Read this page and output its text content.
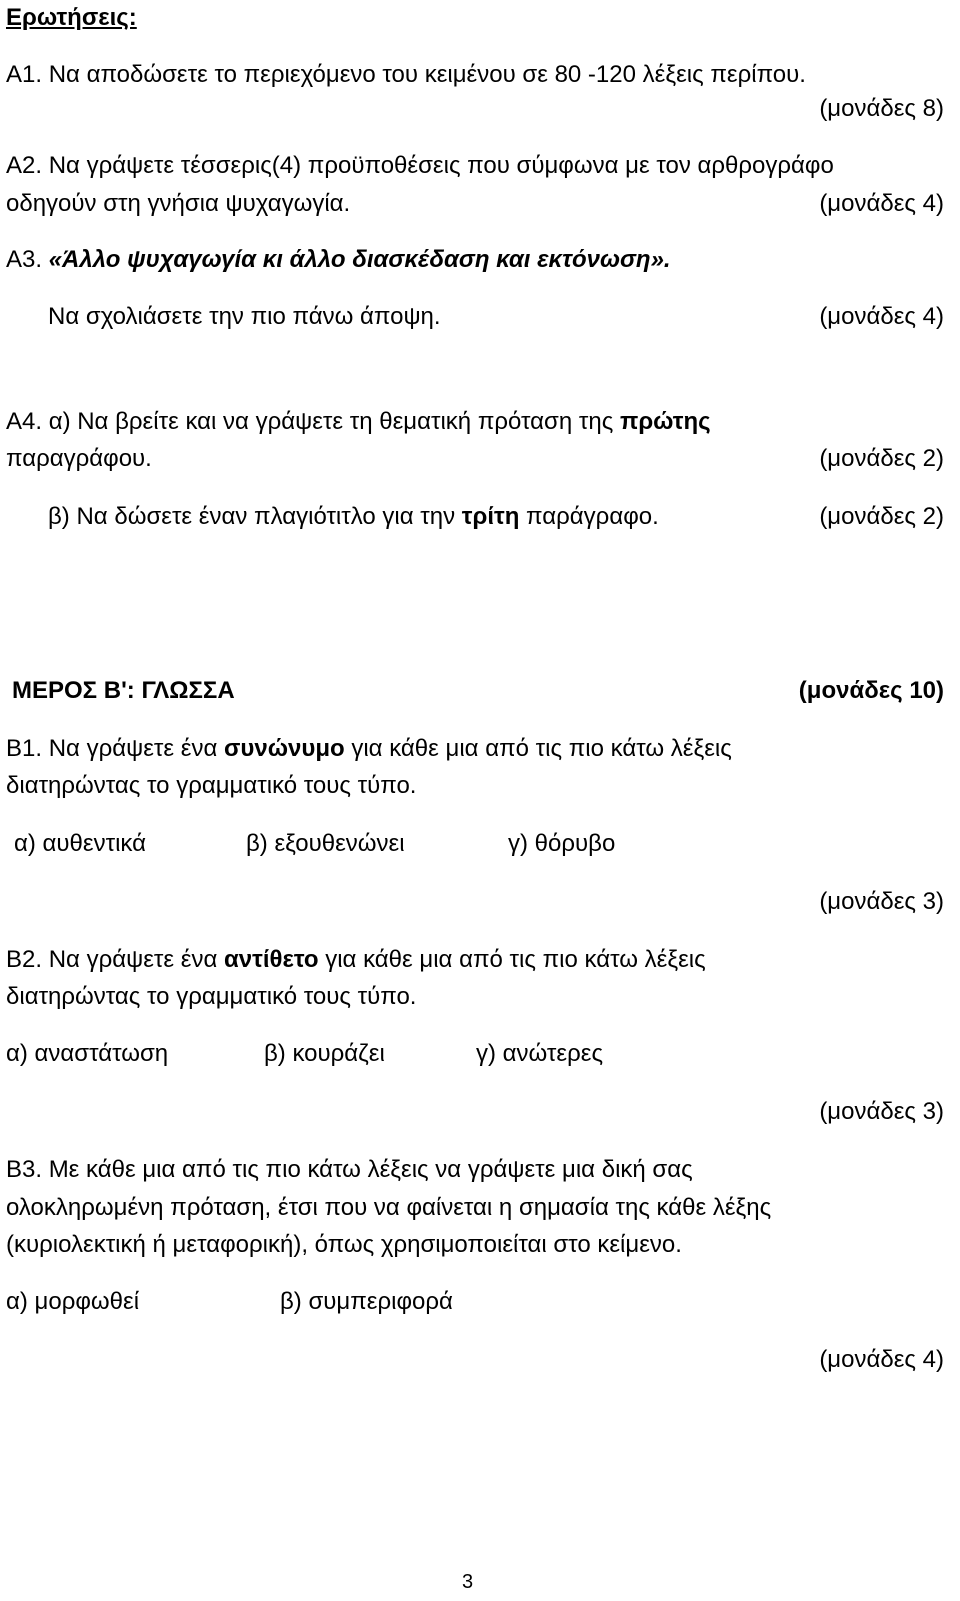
Ερωτήσεις:

Α1. Να αποδώσετε το περιεχόμενο του κειμένου σε 80 -120 λέξεις περίπου.

(μονάδες 8)

Α2. Να γράψετε τέσσερις(4) προϋποθέσεις που σύμφωνα με τον αρθρογράφο

οδηγούν στη γνήσια ψυχαγωγία.	(μονάδες 4)

Α3. «Άλλο ψυχαγωγία κι άλλο διασκέδαση και εκτόνωση».

Να σχολιάσετε την πιο πάνω άποψη.	(μονάδες 4)

Α4. α) Να βρείτε και να γράψετε τη θεματική πρόταση της πρώτης

παραγράφου.	(μονάδες 2)

β) Να δώσετε έναν πλαγιότιτλο για την τρίτη παράγραφο.	(μονάδες 2)

ΜΕΡΟΣ Β': ΓΛΩΣΣΑ	(μονάδες 10)

Β1. Να γράψετε ένα συνώνυμο για κάθε μια από τις πιο κάτω λέξεις

διατηρώντας το γραμματικό τους τύπο.

α) αυθεντικά	β) εξουθενώνει	γ) θόρυβο

(μονάδες 3)

Β2. Να γράψετε ένα αντίθετο για κάθε μια από τις πιο κάτω λέξεις

διατηρώντας το γραμματικό τους τύπο.

α) αναστάτωση	β) κουράζει	γ) ανώτερες

(μονάδες 3)

Β3. Με κάθε μια από τις πιο κάτω λέξεις να γράψετε μια δική σας

ολοκληρωμένη πρόταση, έτσι που να φαίνεται η σημασία της κάθε λέξης

(κυριολεκτική ή μεταφορική), όπως χρησιμοποιείται στο κείμενο.

α) μορφωθεί	β) συμπεριφορά

(μονάδες 4)

3
